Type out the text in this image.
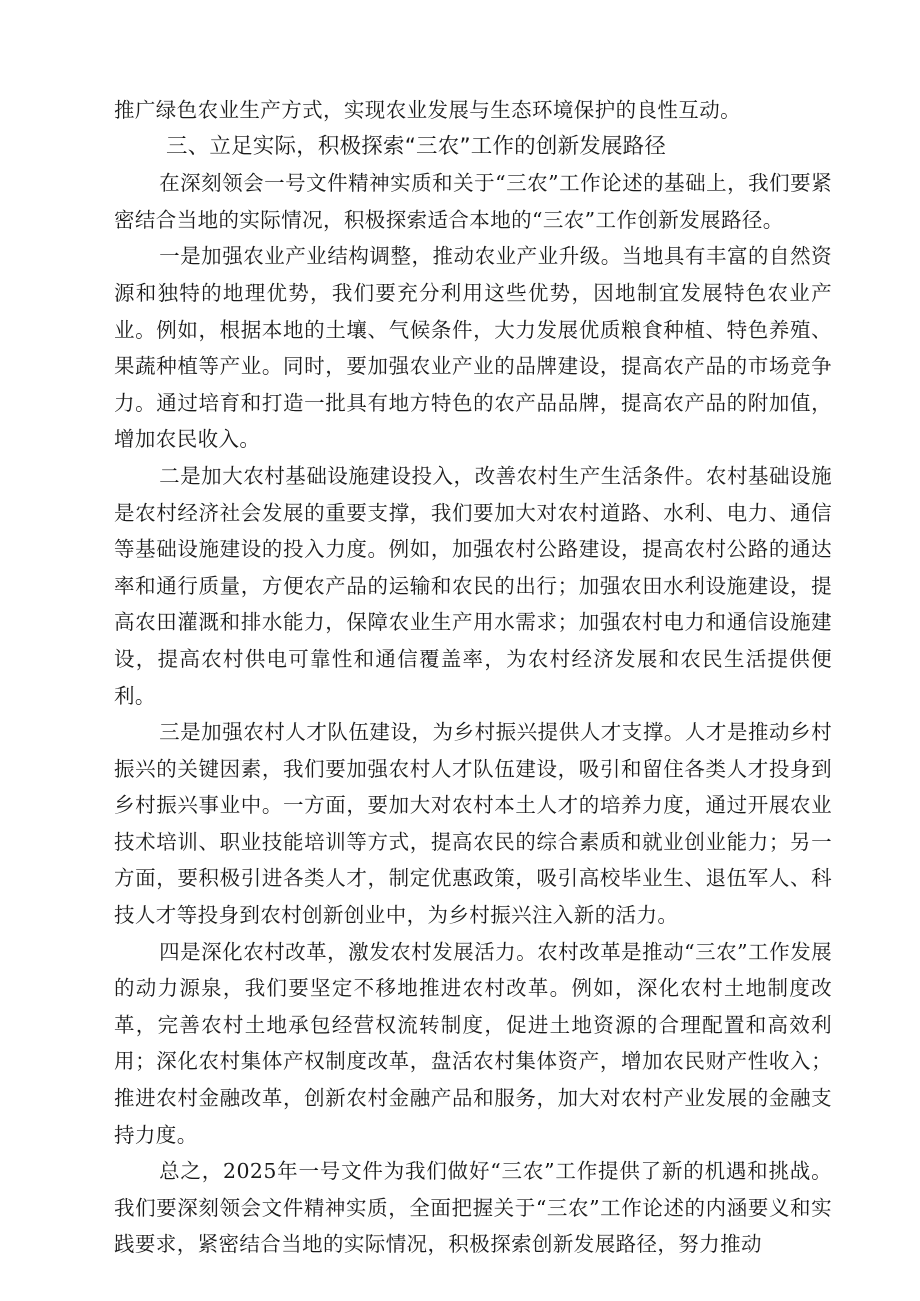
推广绿色农业生产方式，实现农业发展与生态环境保护的良性互动。

三、立足实际，积极探索“三农”工作的创新发展路径

在深刻领会一号文件精神实质和关于“三农”工作论述的基础上，我们要紧密结合当地的实际情况，积极探索适合本地的“三农”工作创新发展路径。

一是加强农业产业结构调整，推动农业产业升级。当地具有丰富的自然资源和独特的地理优势，我们要充分利用这些优势，因地制宜发展特色农业产业。例如，根据本地的土壤、气候条件，大力发展优质粮食种植、特色养殖、果蔬种植等产业。同时，要加强农业产业的品牌建设，提高农产品的市场竞争力。通过培育和打造一批具有地方特色的农产品品牌，提高农产品的附加值，增加农民收入。

二是加大农村基础设施建设投入，改善农村生产生活条件。农村基础设施是农村经济社会发展的重要支撑，我们要加大对农村道路、水利、电力、通信等基础设施建设的投入力度。例如，加强农村公路建设，提高农村公路的通达率和通行质量，方便农产品的运输和农民的出行；加强农田水利设施建设，提高农田灌溉和排水能力，保障农业生产用水需求；加强农村电力和通信设施建设，提高农村供电可靠性和通信覆盖率，为农村经济发展和农民生活提供便利。

三是加强农村人才队伍建设，为乡村振兴提供人才支撑。人才是推动乡村振兴的关键因素，我们要加强农村人才队伍建设，吸引和留住各类人才投身到乡村振兴事业中。一方面，要加大对农村本土人才的培养力度，通过开展农业技术培训、职业技能培训等方式，提高农民的综合素质和就业创业能力；另一方面，要积极引进各类人才，制定优惠政策，吸引高校毕业生、退伍军人、科技人才等投身到农村创新创业中，为乡村振兴注入新的活力。

四是深化农村改革，激发农村发展活力。农村改革是推动“三农”工作发展的动力源泉，我们要坚定不移地推进农村改革。例如，深化农村土地制度改革，完善农村土地承包经营权流转制度，促进土地资源的合理配置和高效利用；深化农村集体产权制度改革，盘活农村集体资产，增加农民财产性收入；推进农村金融改革，创新农村金融产品和服务，加大对农村产业发展的金融支持力度。

总之，2025年一号文件为我们做好“三农”工作提供了新的机遇和挑战。我们要深刻领会文件精神实质，全面把握关于“三农”工作论述的内涵要义和实践要求，紧密结合当地的实际情况，积极探索创新发展路径，努力推动
